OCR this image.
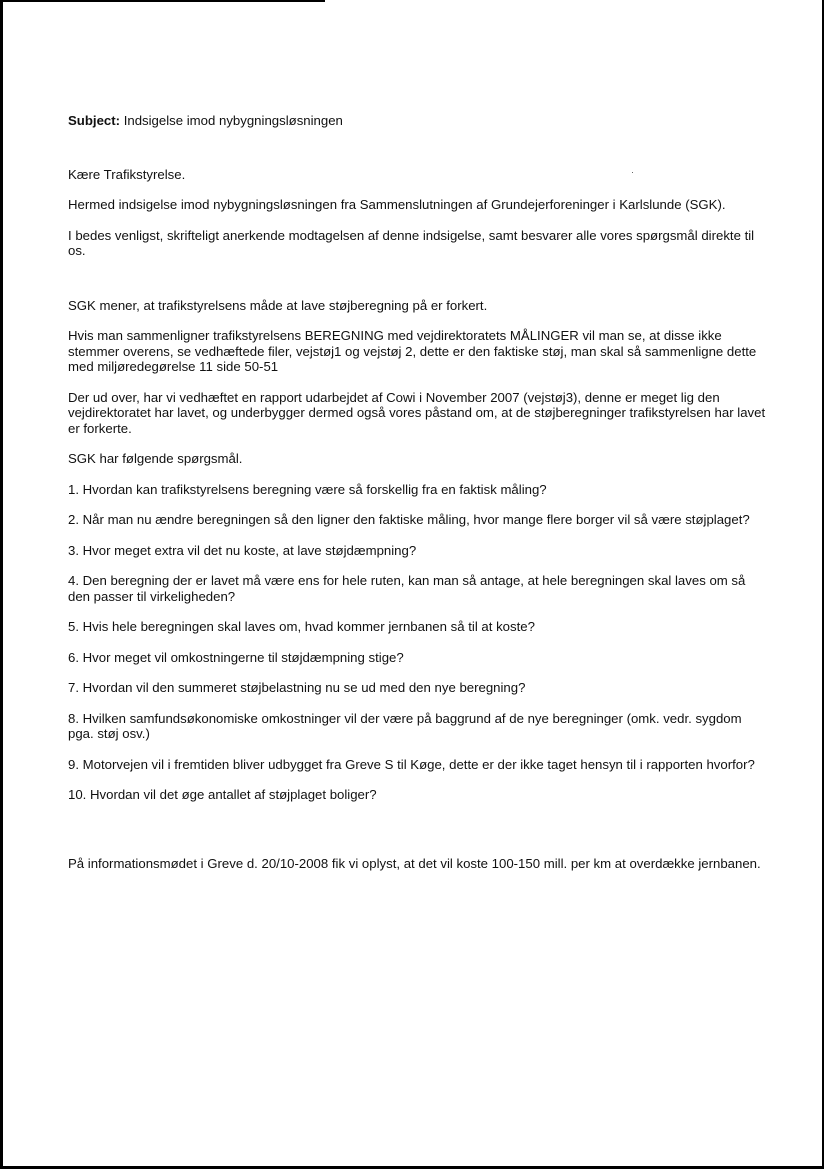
Subject: Indsigelse imod nybygningsløsningen

Kære Trafikstyrelse.

Hermed indsigelse imod nybygningsløsningen fra Sammenslutningen af Grundejerforeninger i Karlslunde (SGK).

I bedes venligst, skrifteligt anerkende modtagelsen af denne indsigelse, samt besvarer alle vores spørgsmål direkte til os.

SGK mener, at trafikstyrelsens måde at lave støjberegning på er forkert.

Hvis man sammenligner trafikstyrelsens BEREGNING med vejdirektoratets MÅLINGER vil man se, at disse ikke stemmer overens, se vedhæftede filer, vejstøj1 og vejstøj 2, dette er den faktiske støj, man skal så sammenligne dette med miljøredegørelse 11 side 50-51

Der ud over, har vi vedhæftet en rapport udarbejdet af Cowi i November 2007 (vejstøj3), denne er meget lig den vejdirektoratet har lavet, og underbygger dermed også vores påstand om, at de støjberegninger trafikstyrelsen har lavet er forkerte.

SGK har følgende spørgsmål.

1. Hvordan kan trafikstyrelsens beregning være så forskellig fra en faktisk måling?

2. Når man nu ændre beregningen så den ligner den faktiske måling, hvor mange flere borger vil så være støjplaget?

3. Hvor meget extra vil det nu koste, at lave støjdæmpning?

4. Den beregning der er lavet må være ens for hele ruten, kan man så antage, at hele beregningen skal laves om så den passer til virkeligheden?

5. Hvis hele beregningen skal laves om, hvad kommer jernbanen så til at koste?

6. Hvor meget vil omkostningerne til støjdæmpning stige?

7. Hvordan vil den summeret støjbelastning nu se ud med den nye beregning?

8. Hvilken samfundsøkonomiske omkostninger vil der være på baggrund af de nye beregninger (omk. vedr. sygdom pga. støj osv.)

9. Motorvejen vil i fremtiden bliver udbygget fra Greve S til Køge, dette er der ikke taget hensyn til i rapporten hvorfor?

10. Hvordan vil det øge antallet af støjplaget boliger?

På informationsmødet i Greve d. 20/10-2008 fik vi oplyst, at det vil koste 100-150 mill. per km at overdække jernbanen.
